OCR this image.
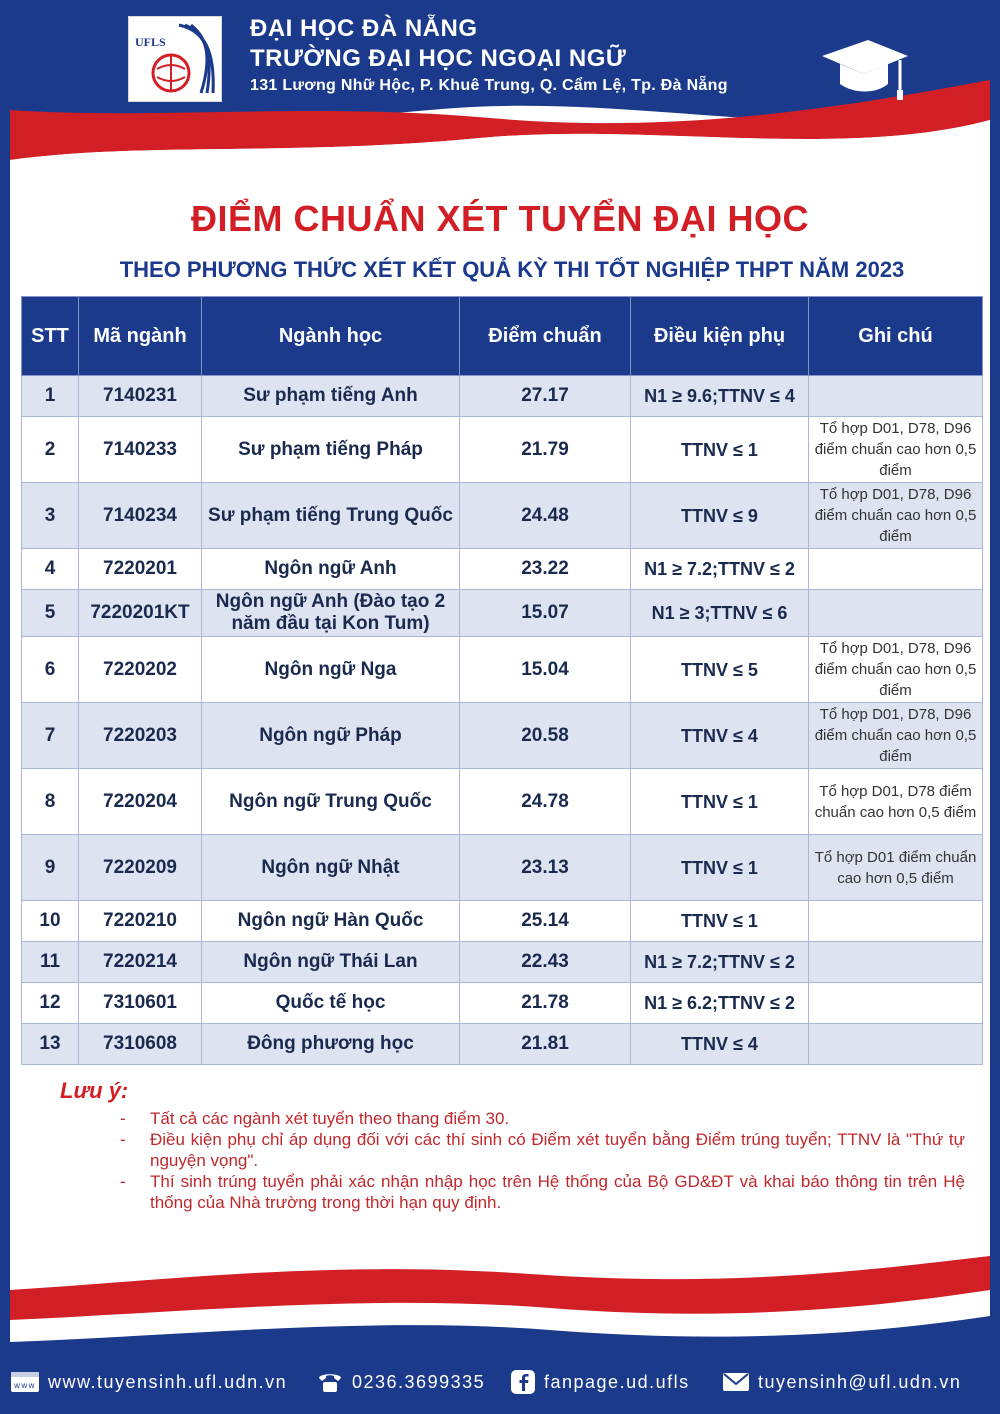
UFLS	ĐẠI HỌC ĐÀ NẴNG
TRƯỜNG ĐẠI HỌC NGOẠI NGỮ
131 Lương Nhữ Hộc, P. Khuê Trung, Q. Cẩm Lệ, Tp. Đà Nẵng
ĐIỂM CHUẨN XÉT TUYỂN ĐẠI HỌC
THEO PHƯƠNG THỨC XÉT KẾT QUẢ KỲ THI TỐT NGHIỆP THPT NĂM 2023
STT	Mã ngành	Ngành học	Điểm chuẩn	Điều kiện phụ	Ghi chú
1	7140231	Sư phạm tiếng Anh	27.17	N1 ≥ 9.6;TTNV ≤ 4	
2	7140233	Sư phạm tiếng Pháp	21.79	TTNV ≤ 1	Tổ hợp D01, D78, D96 điểm chuẩn cao hơn 0,5 điểm
3	7140234	Sư phạm tiếng Trung Quốc	24.48	TTNV ≤ 9	Tổ hợp D01, D78, D96 điểm chuẩn cao hơn 0,5 điểm
4	7220201	Ngôn ngữ Anh	23.22	N1 ≥ 7.2;TTNV ≤ 2	
5	7220201KT	Ngôn ngữ Anh (Đào tạo 2 năm đầu tại Kon Tum)	15.07	N1 ≥ 3;TTNV ≤ 6	
6	7220202	Ngôn ngữ Nga	15.04	TTNV ≤ 5	Tổ hợp D01, D78, D96 điểm chuẩn cao hơn 0,5 điểm
7	7220203	Ngôn ngữ Pháp	20.58	TTNV ≤ 4	Tổ hợp D01, D78, D96 điểm chuẩn cao hơn 0,5 điểm
8	7220204	Ngôn ngữ Trung Quốc	24.78	TTNV ≤ 1	Tổ hợp D01, D78 điểm chuẩn cao hơn 0,5 điểm
9	7220209	Ngôn ngữ Nhật	23.13	TTNV ≤ 1	Tổ hợp D01 điểm chuẩn cao hơn 0,5 điểm
10	7220210	Ngôn ngữ Hàn Quốc	25.14	TTNV ≤ 1	
11	7220214	Ngôn ngữ Thái Lan	22.43	N1 ≥ 7.2;TTNV ≤ 2	
12	7310601	Quốc tế học	21.78	N1 ≥ 6.2;TTNV ≤ 2	
13	7310608	Đông phương học	21.81	TTNV ≤ 4	
Lưu ý:
- Tất cả các ngành xét tuyển theo thang điểm 30.
- Điều kiện phụ chỉ áp dụng đối với các thí sinh có Điểm xét tuyển bằng Điểm trúng tuyển; TTNV là "Thứ tự nguyện vọng".
- Thí sinh trúng tuyển phải xác nhận nhập học trên Hệ thống của Bộ GD&ĐT và khai báo thông tin trên Hệ thống của Nhà trường trong thời hạn quy định.
www www.tuyensinh.ufl.udn.vn	0236.3699335	fanpage.ud.ufls	tuyensinh@ufl.udn.vn
